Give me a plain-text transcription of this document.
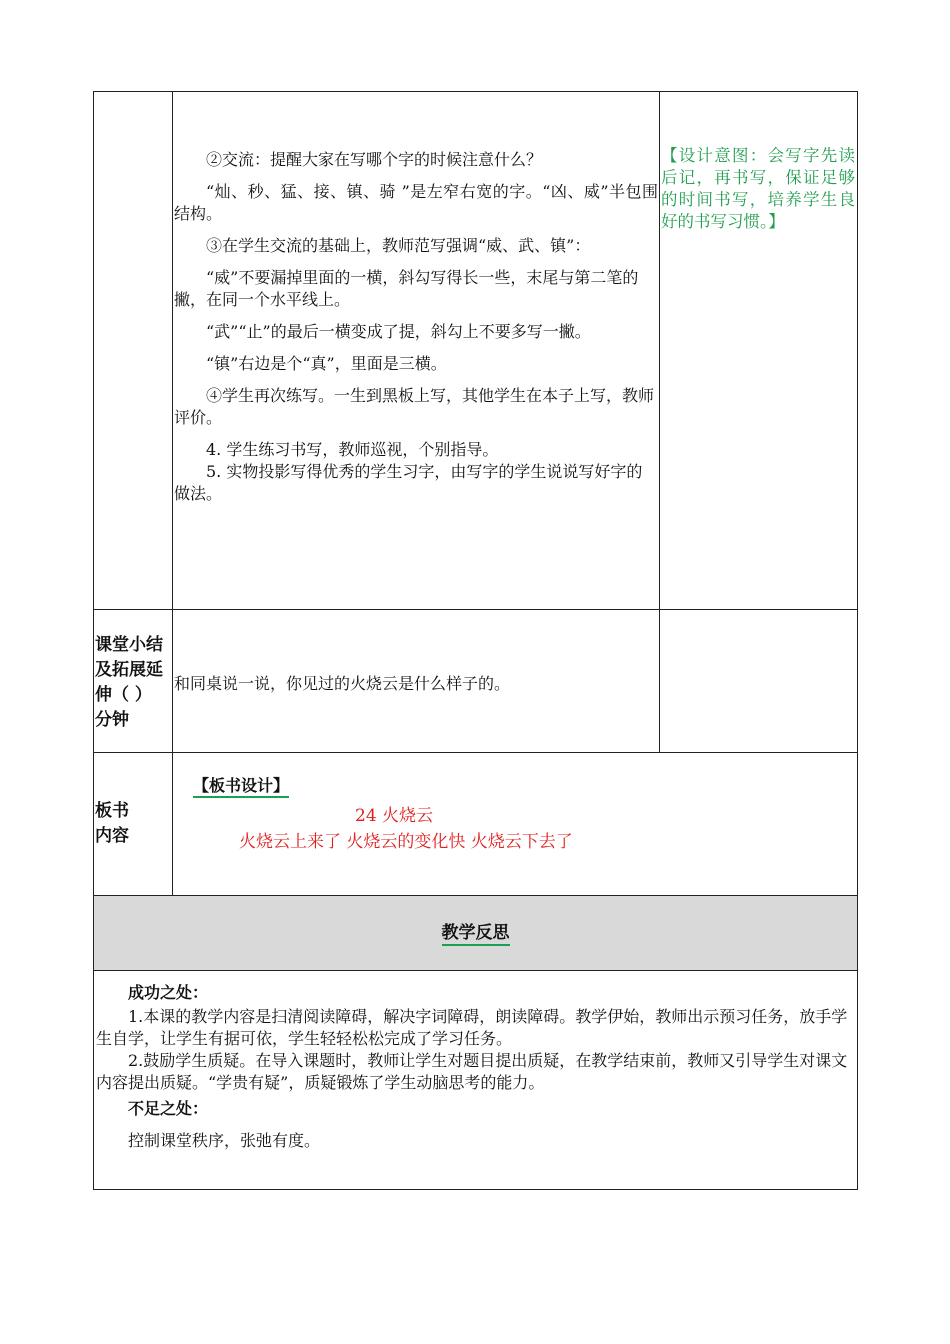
②交流：提醒大家在写哪个字的时候注意什么？

“灿、秒、猛、接、镇、骑 ”是左窄右宽的字。“凶、威”半包围结构。

③在学生交流的基础上，教师范写强调“威、武、镇”：

“威”不要漏掉里面的一横，斜勾写得长一些，末尾与第二笔的撇，在同一个水平线上。

“武”“止”的最后一横变成了提，斜勾上不要多写一撇。

“镇”右边是个“真”，里面是三横。

④学生再次练写。一生到黑板上写，其他学生在本子上写，教师评价。

4. 学生练习书写，教师巡视，个别指导。

5. 实物投影写得优秀的学生习字，由写字的学生说说写好字的做法。

【设计意图：会写字先读后记，再书写，保证足够的时间书写，培养学生良好的书写习惯。】
课堂小结
及拓展延
伸（ ）
分钟
和同桌说一说，你见过的火烧云是什么样子的。
板书
内容
【板书设计】
24 火烧云
火烧云上来了 火烧云的变化快 火烧云下去了
教学反思

成功之处：

1.本课的教学内容是扫清阅读障碍，解决字词障碍，朗读障碍。教学伊始，教师出示预习任务，放手学生自学，让学生有据可依，学生轻轻松松完成了学习任务。

2.鼓励学生质疑。在导入课题时，教师让学生对题目提出质疑，在教学结束前，教师又引导学生对课文内容提出质疑。“学贵有疑”，质疑锻炼了学生动脑思考的能力。

不足之处：

控制课堂秩序，张弛有度。
